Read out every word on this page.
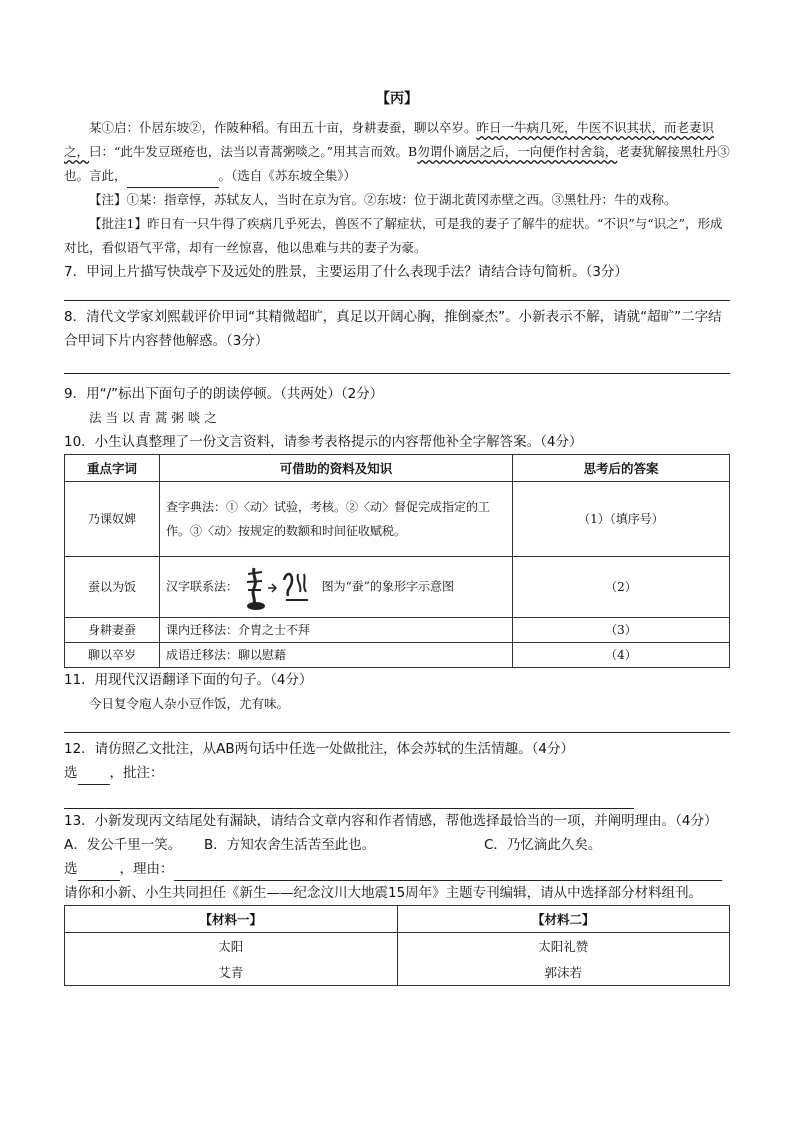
【丙】

某①启：仆居东坡②，作陂种稻。有田五十亩，身耕妻蚕，聊以卒岁。昨日一牛病几死，牛医不识其状，而老妻识之，曰：“此牛发豆斑疮也，法当以青蒿粥啖之。”用其言而效。B勿谓仆谪居之后，一向便作村舍翁，老妻犹解接黑牡丹③也。言此，	。（选自《苏东坡全集》）

【注】①某：指章惇，苏轼友人，当时在京为官。②东坡：位于湖北黄冈赤壁之西。③黑牡丹：牛的戏称。

【批注1】昨日有一只牛得了疾病几乎死去，兽医不了解症状，可是我的妻子了解牛的症状。“不识”与“识之”，形成对比，看似语气平常，却有一丝惊喜，他以患难与共的妻子为豪。

7．甲词上片描写快哉亭下及远处的胜景，主要运用了什么表现手法？请结合诗句简析。（3分）

8．清代文学家刘熙载评价甲词“其精微超旷，真足以开阔心胸，推倒豪杰”。小新表示不解，请就“超旷”二字结合甲词下片内容替他解惑。（3分）

9．用“/”标出下面句子的朗读停顿。（共两处）（2分）

法 当 以 青 蒿 粥 啖 之

10．小生认真整理了一份文言资料，请参考表格提示的内容帮他补全字解答案。（4分）

重点字词	可借助的资料及知识	思考后的答案
乃课奴婢	查字典法：①〈动〉试验，考核。②〈动〉督促完成指定的工作。③〈动〉按规定的数额和时间征收赋税。	（1）（填序号）
蚕以为饭	汉字联系法： 图为“蚕”的象形字示意图	（2）
身耕妻蚕	课内迁移法：介胄之士不拜	（3）
聊以卒岁	成语迁移法：聊以慰藉	（4）

11．用现代汉语翻译下面的句子。（4分）

今日复令庖人杂小豆作饭，尤有味。

12．请仿照乙文批注，从AB两句话中任选一处做批注，体会苏轼的生活情趣。（4分）

选 ，批注：

13．小新发现丙文结尾处有漏缺，请结合文章内容和作者情感，帮他选择最恰当的一项，并阐明理由。（4分）

A．发公千里一笑。	B．方知农舍生活苦至此也。	C．乃忆滴此久矣。

选	，理由：

请你和小新、小生共同担任《新生——纪念汶川大地震15周年》主题专刊编辑，请从中选择部分材料组刊。

【材料一】	【材料二】
太阳	太阳礼赞
艾青	郭沫若
